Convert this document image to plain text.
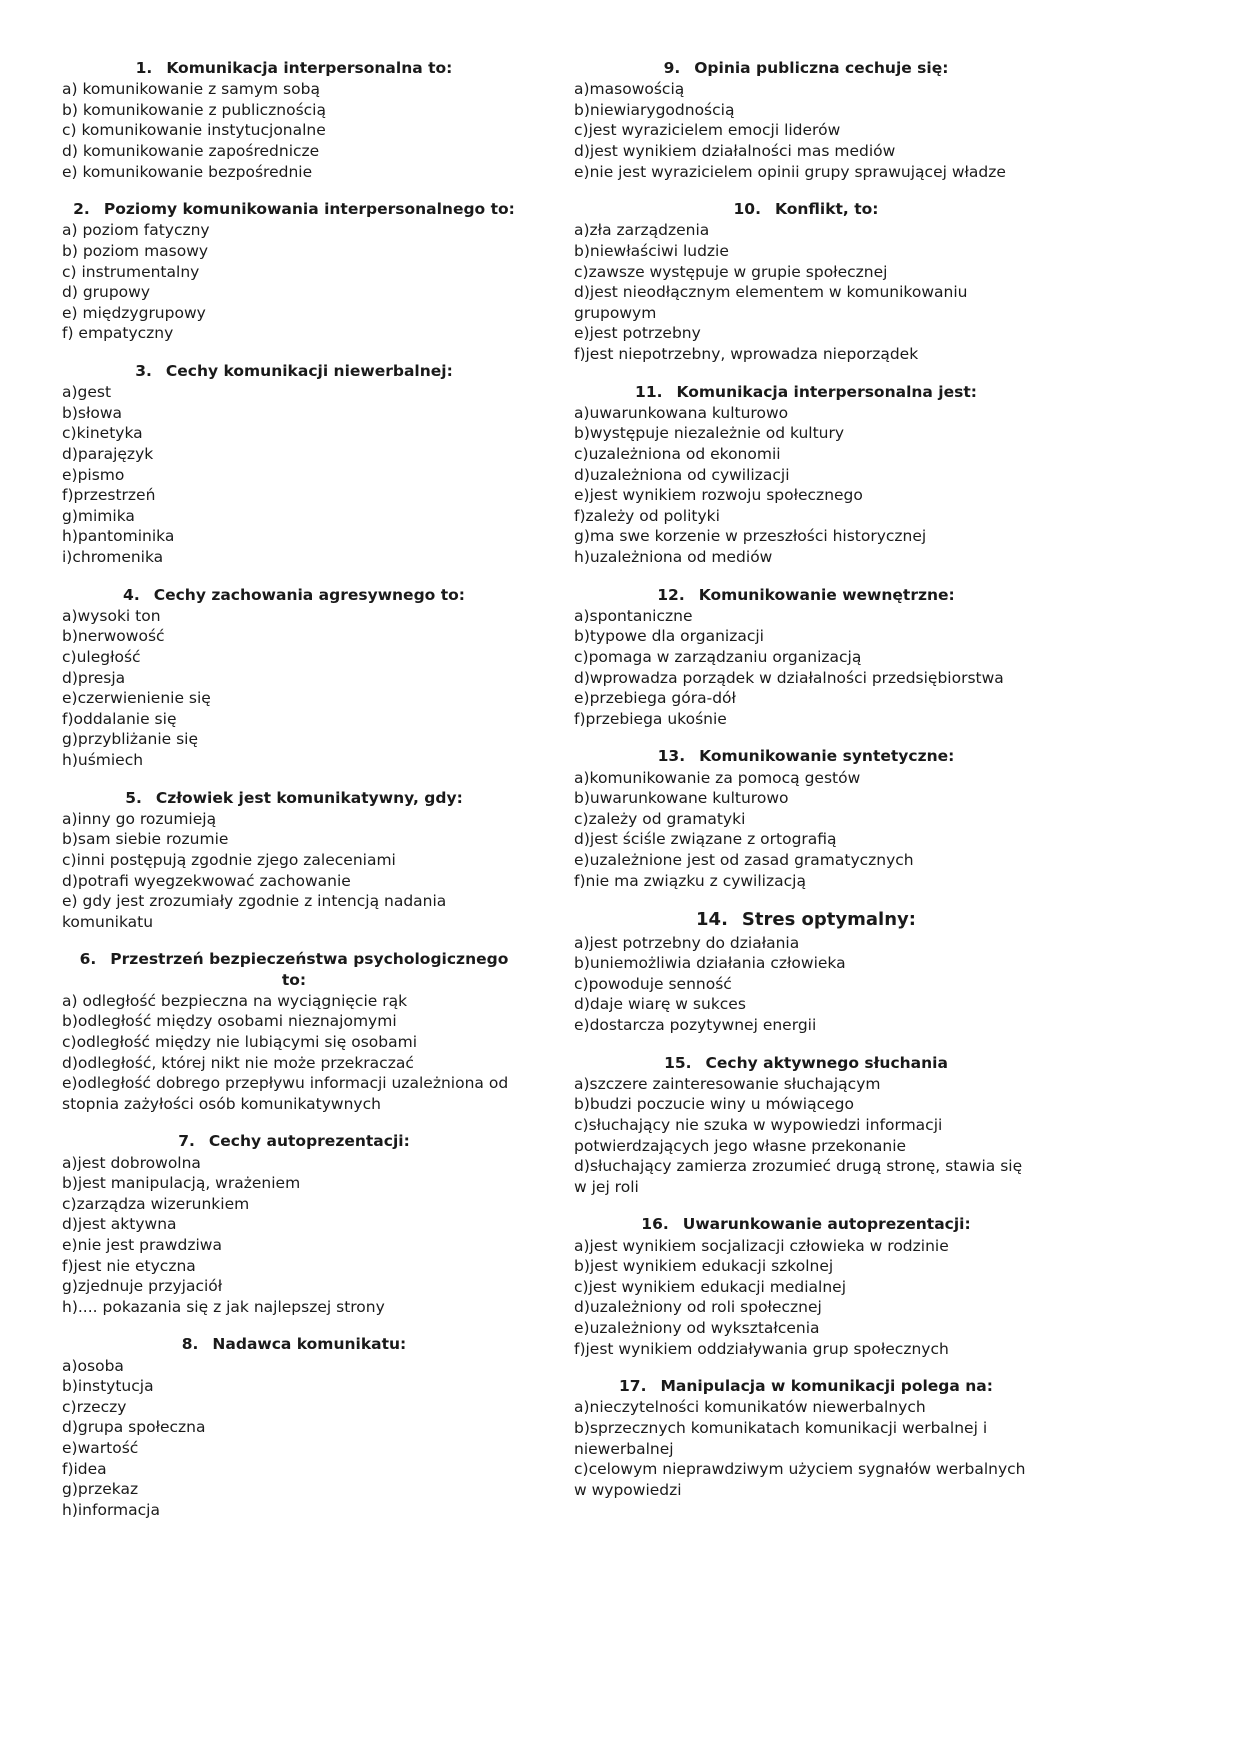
1. Komunikacja interpersonalna to:
a) komunikowanie z samym sobą
b) komunikowanie z publicznością
c) komunikowanie instytucjonalne
d) komunikowanie zapośrednicze
e) komunikowanie bezpośrednie
2. Poziomy komunikowania interpersonalnego to:
a) poziom fatyczny
b) poziom masowy
c) instrumentalny
d) grupowy
e) międzygrupowy
f) empatyczny
3. Cechy komunikacji niewerbalnej:
a)gest
b)słowa
c)kinetyka
d)parajęzyk
e)pismo
f)przestrzeń
g)mimika
h)pantominika
i)chromenika
4. Cechy zachowania agresywnego to:
a)wysoki ton
b)nerwowość
c)uległość
d)presja
e)czerwienienie się
f)oddalanie się
g)przybliżanie się
h)uśmiech
5. Człowiek jest komunikatywny, gdy:
a)inny go rozumieją
b)sam siebie rozumie
c)inni postępują zgodnie zjego zaleceniami
d)potrafi wyegzekwować zachowanie
e) gdy jest zrozumiały zgodnie z intencją nadania komunikatu
6. Przestrzeń bezpieczeństwa psychologicznego to:
a) odległość bezpieczna na wyciągnięcie rąk
b)odległość między osobami nieznajomymi
c)odległość między nie lubiącymi się osobami
d)odległość, której nikt nie może przekraczać
e)odległość dobrego przepływu informacji uzależniona od stopnia zażyłości osób komunikatywnych
7. Cechy autoprezentacji:
a)jest dobrowolna
b)jest manipulacją, wrażeniem
c)zarządza wizerunkiem
d)jest aktywna
e)nie jest prawdziwa
f)jest nie etyczna
g)zjednuje przyjaciół
h).... pokazania się z jak najlepszej strony
8. Nadawca komunikatu:
a)osoba
b)instytucja
c)rzeczy
d)grupa społeczna
e)wartość
f)idea
g)przekaz
h)informacja
9. Opinia publiczna cechuje się:
a)masowością
b)niewiarygodnością
c)jest wyrazicielem emocji liderów
d)jest wynikiem działalności mas mediów
e)nie jest wyrazicielem opinii grupy sprawującej władze
10. Konflikt, to:
a)zła zarządzenia
b)niewłaściwi ludzie
c)zawsze występuje w grupie społecznej
d)jest nieodłącznym elementem w komunikowaniu grupowym
e)jest potrzebny
f)jest niepotrzebny, wprowadza nieporządek
11. Komunikacja interpersonalna jest:
a)uwarunkowana kulturowo
b)występuje niezależnie od kultury
c)uzależniona od ekonomii
d)uzależniona od cywilizacji
e)jest wynikiem rozwoju społecznego
f)zależy od polityki
g)ma swe korzenie w przeszłości historycznej
h)uzależniona od mediów
12. Komunikowanie wewnętrzne:
a)spontaniczne
b)typowe dla organizacji
c)pomaga w zarządzaniu organizacją
d)wprowadza porządek w działalności przedsiębiorstwa
e)przebiega góra-dół
f)przebiega ukośnie
13. Komunikowanie syntetyczne:
a)komunikowanie za pomocą gestów
b)uwarunkowane kulturowo
c)zależy od gramatyki
d)jest ściśle związane z ortografią
e)uzależnione jest od zasad gramatycznych
f)nie ma związku z cywilizacją
14. Stres optymalny:
a)jest potrzebny do działania
b)uniemożliwia działania człowieka
c)powoduje senność
d)daje wiarę w sukces
e)dostarcza pozytywnej energii
15. Cechy aktywnego słuchania
a)szczere zainteresowanie słuchającym
b)budzi poczucie winy u mówiącego
c)słuchający nie szuka w wypowiedzi informacji potwierdzających jego własne przekonanie
d)słuchający zamierza zrozumieć drugą stronę, stawia się w jej roli
16. Uwarunkowanie autoprezentacji:
a)jest wynikiem socjalizacji człowieka w rodzinie
b)jest wynikiem edukacji szkolnej
c)jest wynikiem edukacji medialnej
d)uzależniony od roli społecznej
e)uzależniony od wykształcenia
f)jest wynikiem oddziaływania grup społecznych
17. Manipulacja w komunikacji polega na:
a)nieczytelności komunikatów niewerbalnych
b)sprzecznych komunikatach komunikacji werbalnej i niewerbalnej
c)celowym nieprawdziwym użyciem sygnałów werbalnych w wypowiedzi
